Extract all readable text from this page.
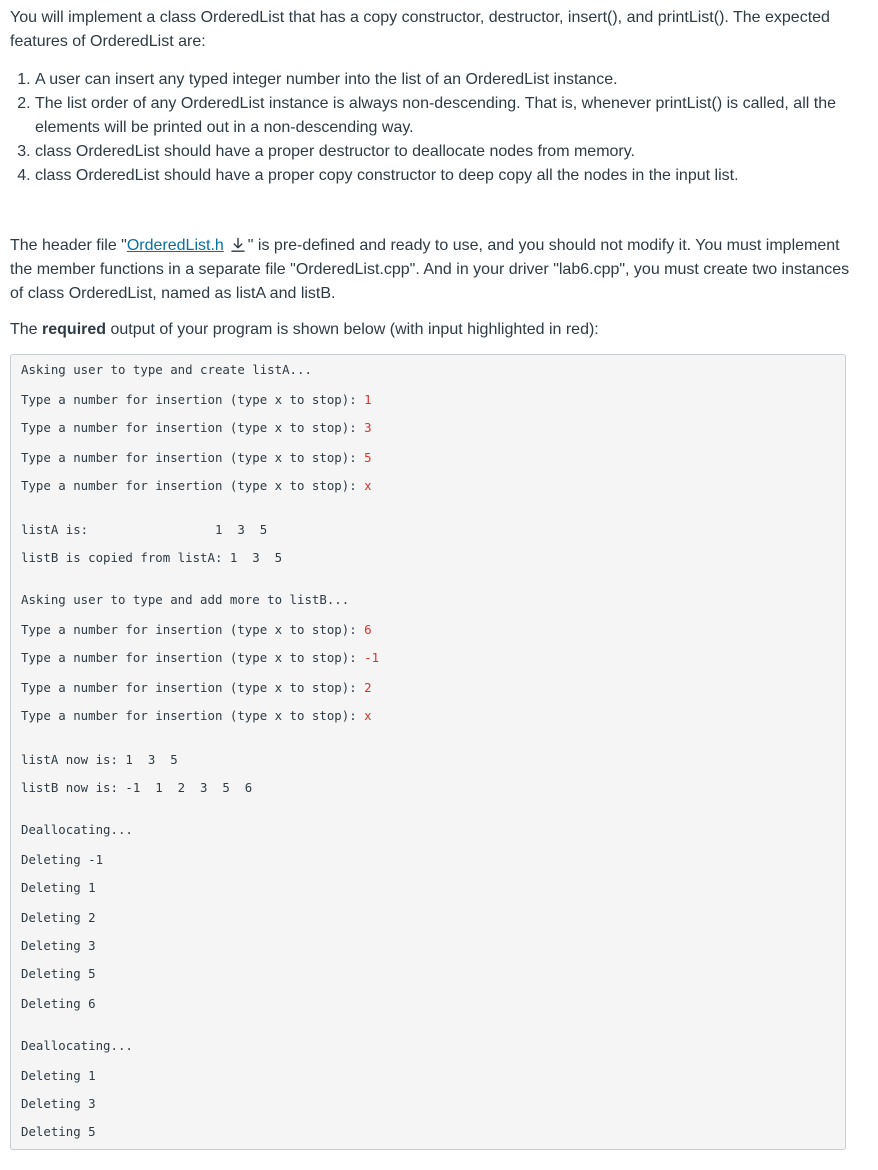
You will implement a class OrderedList that has a copy constructor, destructor, insert(), and printList(). The expected features of OrderedList are:

1. A user can insert any typed integer number into the list of an OrderedList instance.
2. The list order of any OrderedList instance is always non-descending. That is, whenever printList() is called, all the elements will be printed out in a non-descending way.
3. class OrderedList should have a proper destructor to deallocate nodes from memory.
4. class OrderedList should have a proper copy constructor to deep copy all the nodes in the input list.

The header file "OrderedList.h " is pre-defined and ready to use, and you should not modify it. You must implement the member functions in a separate file "OrderedList.cpp". And in your driver "lab6.cpp", you must create two instances of class OrderedList, named as listA and listB.

The required output of your program is shown below (with input highlighted in red):

Asking user to type and create listA...

Type a number for insertion (type x to stop): 1

Type a number for insertion (type x to stop): 3

Type a number for insertion (type x to stop): 5

Type a number for insertion (type x to stop): x

listA is:                 1  3  5

listB is copied from listA: 1  3  5

Asking user to type and add more to listB...

Type a number for insertion (type x to stop): 6

Type a number for insertion (type x to stop): -1

Type a number for insertion (type x to stop): 2

Type a number for insertion (type x to stop): x

listA now is: 1  3  5

listB now is: -1  1  2  3  5  6

Deallocating...

Deleting -1

Deleting 1

Deleting 2

Deleting 3

Deleting 5

Deleting 6

Deallocating...

Deleting 1

Deleting 3

Deleting 5
